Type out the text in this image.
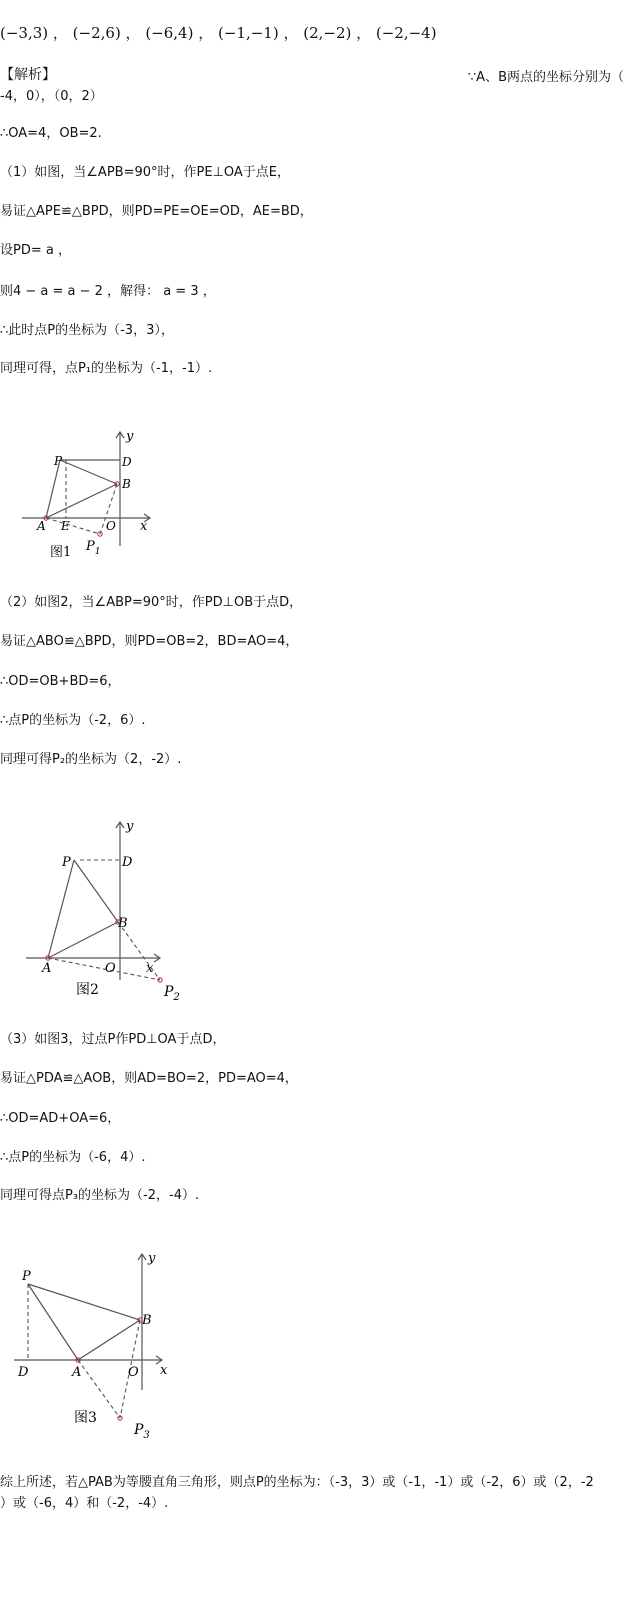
(−3,3) ， (−2,6) ， (−6,4) ， (−1,−1) ， (2,−2) ， (−2,−4)
【解析】	∵A、B两点的坐标分别为（
-4，0），（0，2）
∴OA=4，OB=2.
（1）如图，当∠APB=90°时，作PE⊥OA于点E，
易证△APE≌△BPD，则PD=PE=OE=OD，AE=BD，
设PD= a ，
则4 − a = a − 2 ，解得： a = 3 ，
∴此时点P的坐标为（-3，3），
同理可得，点P₁的坐标为（-1，-1）.
y
x
P	D
B
A E	O
$P_1$
图1
（2）如图2，当∠ABP=90°时，作PD⊥OB于点D，
易证△ABO≌△BPD，则PD=OB=2，BD=AO=4，
∴OD=OB+BD=6，
∴点P的坐标为（-2，6）.
同理可得P₂的坐标为（2，-2）.
y
x
P	D
B
A	O
$P_2$
图2
（3）如图3，过点P作PD⊥OA于点D，
易证△PDA≌△AOB，则AD=BO=2，PD=AO=4，
∴OD=AD+OA=6，
∴点P的坐标为（-6，4）.
同理可得点P₃的坐标为（-2，-4）.
y
x
P
D
B
A	O
$P_3$
图3
综上所述，若△PAB为等腰直角三角形，则点P的坐标为：（-3，3）或（-1，-1）或（-2，6）或（2，-2
）或（-6，4）和（-2，-4）.
